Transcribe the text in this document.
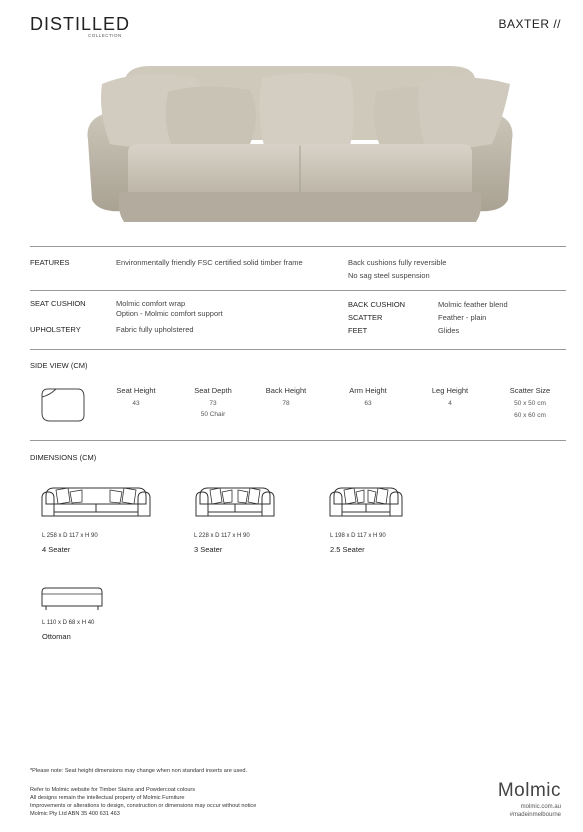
DISTILLED
COLLECTION
BAXTER //
FEATURES	Environmentally friendly FSC certified solid timber frame	Back cushions fully reversible
No sag steel suspension
SEAT CUSHION	Molmic comfort wrap
Option - Molmic comfort support
UPHOLSTERY	Fabric fully upholstered
BACK CUSHION	Molmic feather blend
SCATTER	Feather - plain
FEET	Glides
SIDE VIEW (CM)
Seat Height
43
Seat Depth
73
50 Chair
Back Height
78
Arm Height
63
Leg Height
4
Scatter Size
50 x 50 cm
60 x 60 cm
DIMENSIONS (CM)
L 258 x D 117 x H 90
4 Seater
L 228 x D 117 x H 90
3 Seater
L 198 x D 117 x H 90
2.5 Seater
L 110 x D 68 x H 40
Ottoman
*Please note: Seat height dimensions may change when non standard inserts are used.
Refer to Molmic website for Timber Stains and Powdercoat colours
All designs remain the intellectual property of Molmic Furniture
Improvements or alterations to design, construction or dimensions may occur without notice
Molmic Pty Ltd ABN 35 400 631 463
Molmic
molmic.com.au
#madeinmelbourne
